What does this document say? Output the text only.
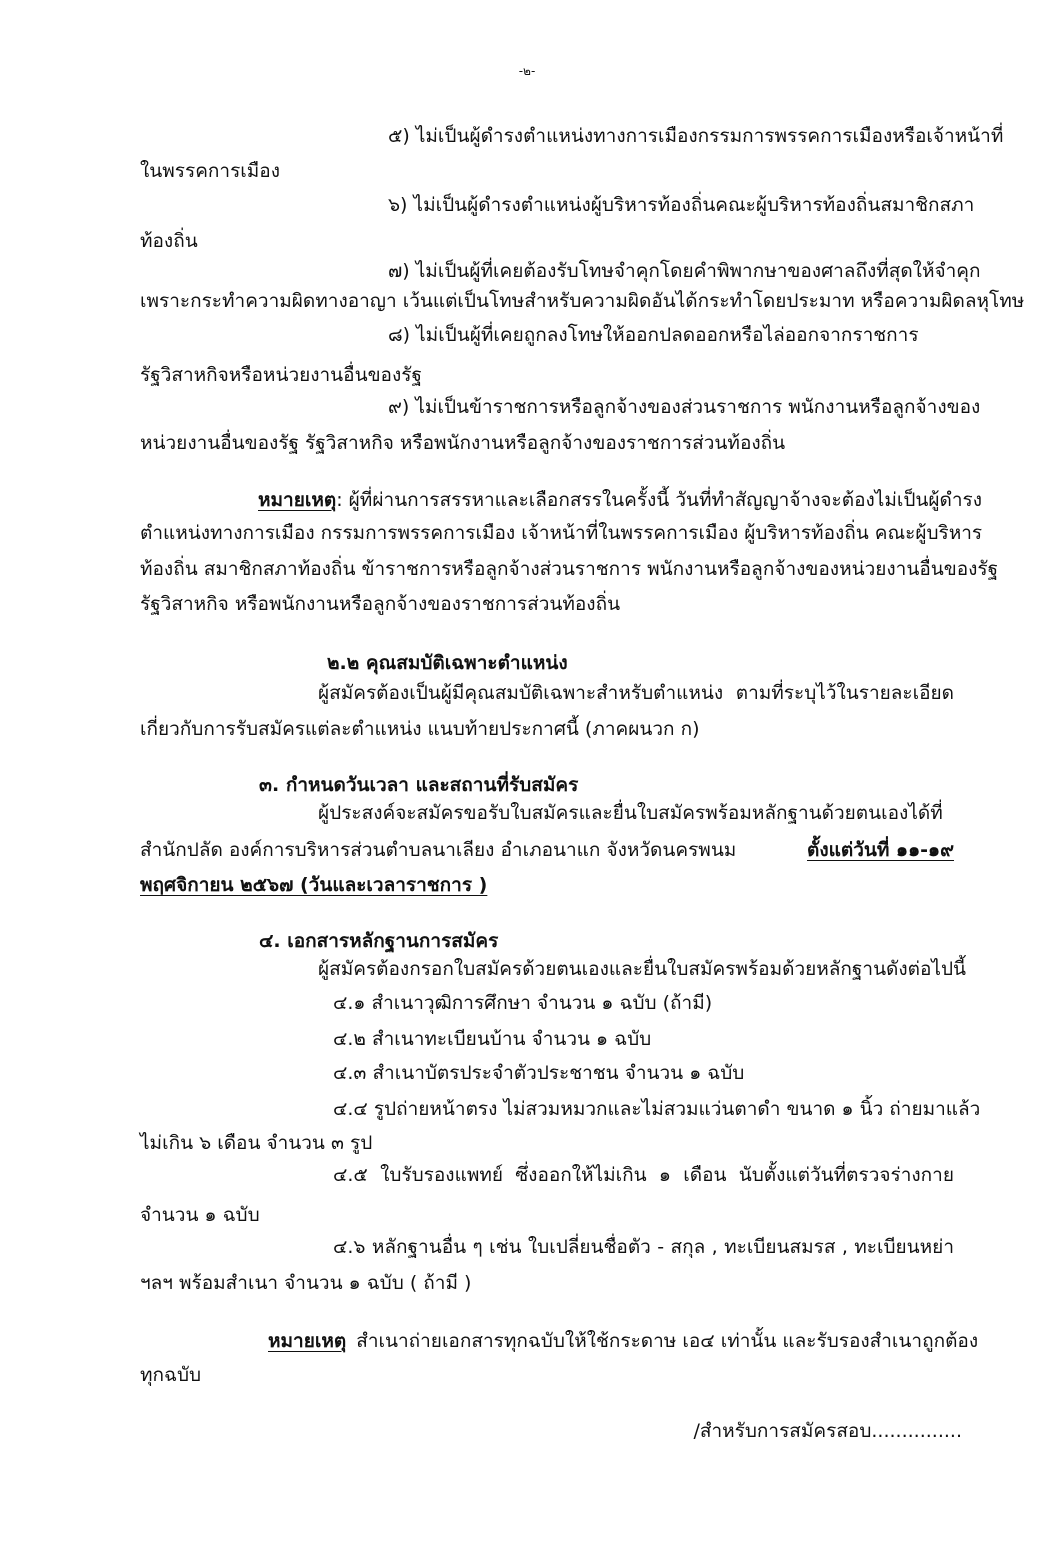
-๒-
๕) ไม่เป็นผู้ดำรงตำแหน่งทางการเมืองกรรมการพรรคการเมืองหรือเจ้าหน้าที่
ในพรรคการเมือง
๖) ไม่เป็นผู้ดำรงตำแหน่งผู้บริหารท้องถิ่นคณะผู้บริหารท้องถิ่นสมาชิกสภา
ท้องถิ่น
๗) ไม่เป็นผู้ที่เคยต้องรับโทษจำคุกโดยคำพิพากษาของศาลถึงที่สุดให้จำคุก
เพราะกระทำความผิดทางอาญา เว้นแต่เป็นโทษสำหรับความผิดอันได้กระทำโดยประมาท หรือความผิดลหุโทษ
๘) ไม่เป็นผู้ที่เคยถูกลงโทษให้ออกปลดออกหรือไล่ออกจากราชการ
รัฐวิสาหกิจหรือหน่วยงานอื่นของรัฐ
๙) ไม่เป็นข้าราชการหรือลูกจ้างของส่วนราชการ พนักงานหรือลูกจ้างของ
หน่วยงานอื่นของรัฐ รัฐวิสาหกิจ หรือพนักงานหรือลูกจ้างของราชการส่วนท้องถิ่น
หมายเหตุ: ผู้ที่ผ่านการสรรหาและเลือกสรรในครั้งนี้ วันที่ทำสัญญาจ้างจะต้องไม่เป็นผู้ดำรง
ตำแหน่งทางการเมือง กรรมการพรรคการเมือง เจ้าหน้าที่ในพรรคการเมือง ผู้บริหารท้องถิ่น คณะผู้บริหาร
ท้องถิ่น สมาชิกสภาท้องถิ่น ข้าราชการหรือลูกจ้างส่วนราชการ พนักงานหรือลูกจ้างของหน่วยงานอื่นของรัฐ
รัฐวิสาหกิจ หรือพนักงานหรือลูกจ้างของราชการส่วนท้องถิ่น
๒.๒ คุณสมบัติเฉพาะตำแหน่ง
ผู้สมัครต้องเป็นผู้มีคุณสมบัติเฉพาะสำหรับตำแหน่ง ตามที่ระบุไว้ในรายละเอียด
เกี่ยวกับการรับสมัครแต่ละตำแหน่ง แนบท้ายประกาศนี้ (ภาคผนวก ก)
๓. กำหนดวันเวลา และสถานที่รับสมัคร
ผู้ประสงค์จะสมัครขอรับใบสมัครและยื่นใบสมัครพร้อมหลักฐานด้วยตนเองได้ที่
สำนักปลัด องค์การบริหารส่วนตำบลนาเลียง อำเภอนาแก จังหวัดนครพนม	ตั้งแต่วันที่ ๑๑-๑๙
พฤศจิกายน ๒๕๖๗ (วันและเวลาราชการ )
๔. เอกสารหลักฐานการสมัคร
ผู้สมัครต้องกรอกใบสมัครด้วยตนเองและยื่นใบสมัครพร้อมด้วยหลักฐานดังต่อไปนี้
๔.๑ สำเนาวุฒิการศึกษา จำนวน ๑ ฉบับ (ถ้ามี)
๔.๒ สำเนาทะเบียนบ้าน จำนวน ๑ ฉบับ
๔.๓ สำเนาบัตรประจำตัวประชาชน จำนวน ๑ ฉบับ
๔.๔ รูปถ่ายหน้าตรง ไม่สวมหมวกและไม่สวมแว่นตาดำ ขนาด ๑ นิ้ว ถ่ายมาแล้ว
ไม่เกิน ๖ เดือน จำนวน ๓ รูป
๔.๕ ใบรับรองแพทย์ ซึ่งออกให้ไม่เกิน ๑ เดือน นับตั้งแต่วันที่ตรวจร่างกาย
จำนวน ๑ ฉบับ
๔.๖ หลักฐานอื่น ๆ เช่น ใบเปลี่ยนชื่อตัว - สกุล , ทะเบียนสมรส , ทะเบียนหย่า
ฯลฯ พร้อมสำเนา จำนวน ๑ ฉบับ ( ถ้ามี )
หมายเหตุ สำเนาถ่ายเอกสารทุกฉบับให้ใช้กระดาษ เอ๔ เท่านั้น และรับรองสำเนาถูกต้อง
ทุกฉบับ
/สำหรับการสมัครสอบ...............
